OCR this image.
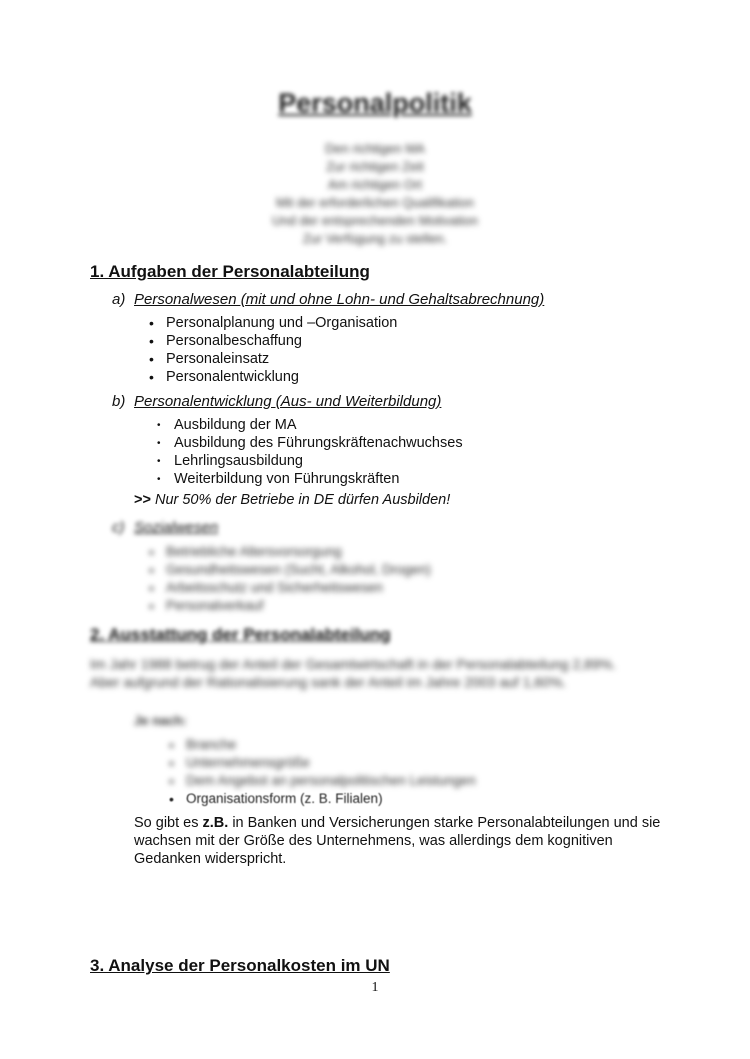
Personalpolitik
Den richtigen MA
Zur richtigen Zeit
Am richtigen Ort
Mit der erforderlichen Qualifikation
Und der entsprechenden Motivation
Zur Verfügung zu stellen.
1. Aufgaben der Personalabteilung
a) Personalwesen (mit und ohne Lohn- und Gehaltsabrechnung)
• Personalplanung und –Organisation
• Personalbeschaffung
• Personaleinsatz
• Personalentwicklung
b) Personalentwicklung (Aus- und Weiterbildung)
• Ausbildung der MA
• Ausbildung des Führungskräftenachwuchses
• Lehrlingsausbildung
• Weiterbildung von Führungskräften
>> Nur 50% der Betriebe in DE dürfen Ausbilden!
c) Sozialwesen
• Betriebliche Altersvorsorgung
• Gesundheitswesen (Sucht, Alkohol, Drogen)
• Arbeitsschutz und Sicherheitswesen
• Personalverkauf
2. Ausstattung der Personalabteilung
Im Jahr 1988 betrug der Anteil der Gesamtwirtschaft in der Personalabteilung 2,89%. Aber aufgrund der Rationalisierung sank der Anteil im Jahre 2003 auf 1,60%.
Je nach:
• Branche
• Unternehmensgröße
• Dem Angebot an personalpolitischen Leistungen
• Organisationsform (z. B. Filialen)
So gibt es z.B. in Banken und Versicherungen starke Personalabteilungen und sie wachsen mit der Größe des Unternehmens, was allerdings dem kognitiven Gedanken widerspricht.
3. Analyse der Personalkosten im UN
1
